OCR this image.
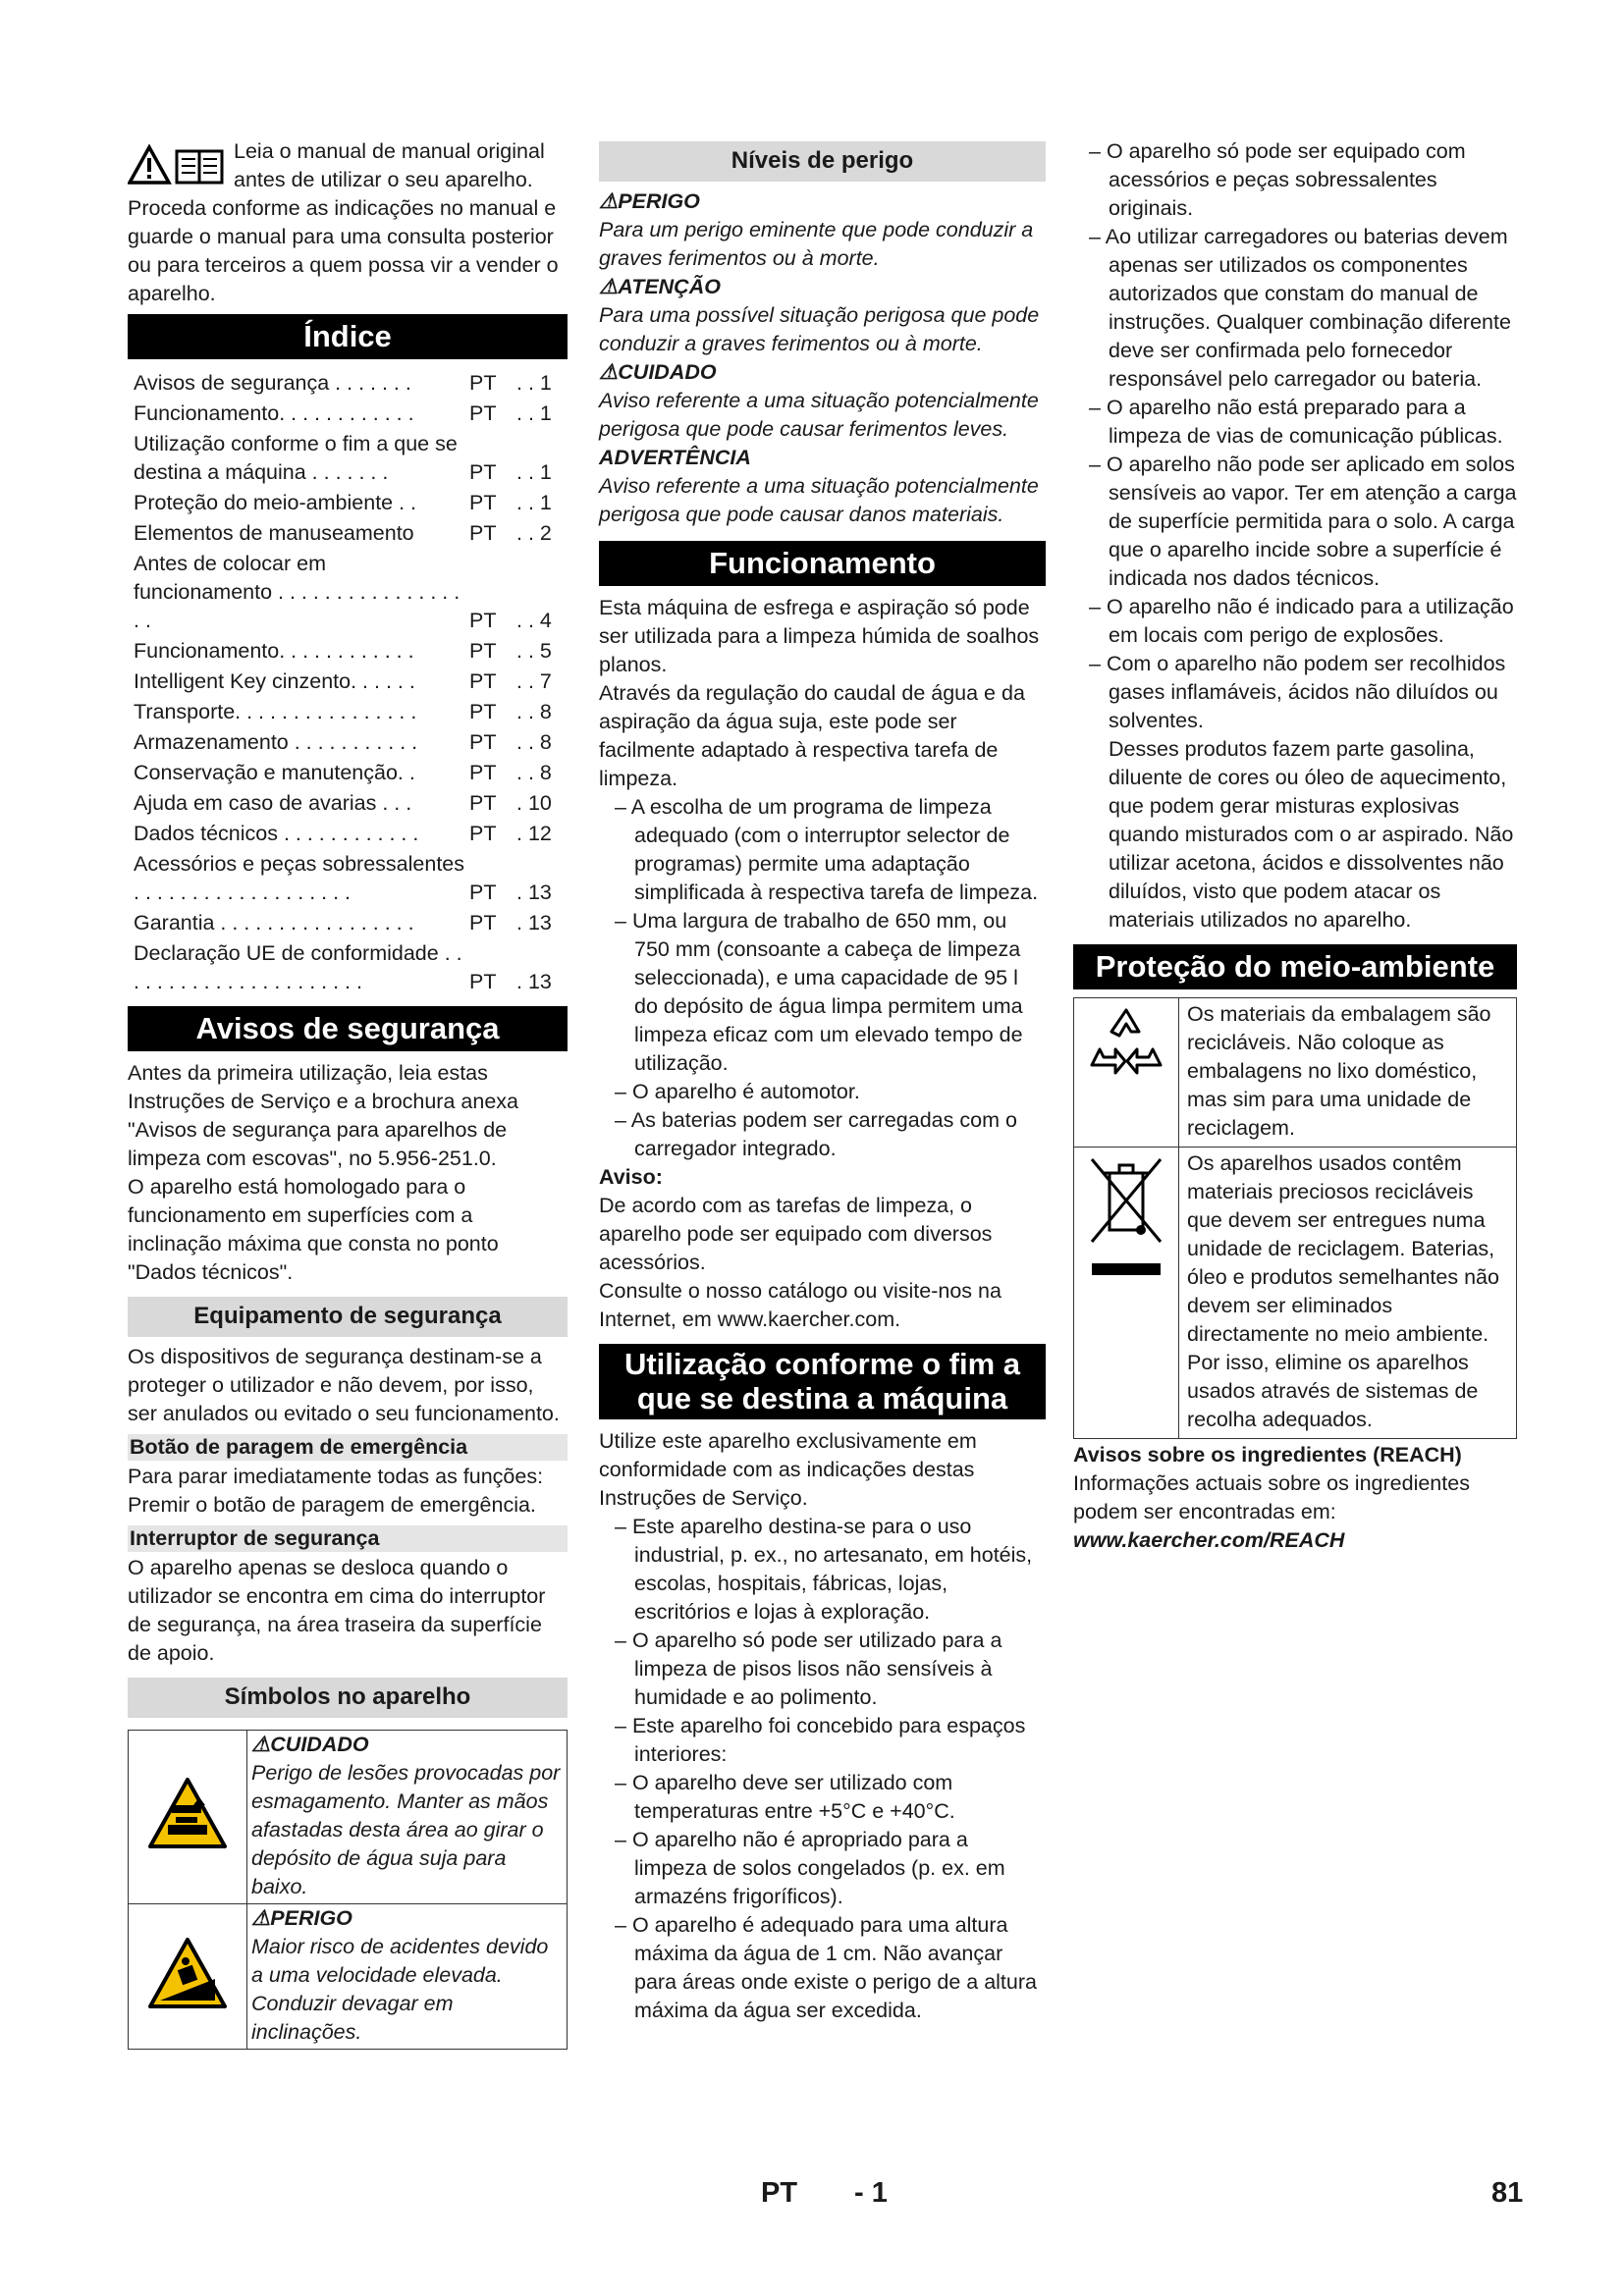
Leia o manual de manual original antes de utilizar o seu aparelho. Proceda conforme as indicações no manual e guarde o manual para uma consulta posterior ou para terceiros a quem possa vir a vender o aparelho.

Índice
Avisos de segurança . . . . . . .	PT . . 1
Funcionamento. . . . . . . . . . . .	PT . . 1
Utilização conforme o fim a que se destina a máquina . . . . . . .	PT . . 1
Proteção do meio-ambiente . .	PT . . 1
Elementos de manuseamento	PT . . 2
Antes de colocar em funcionamento . . . . . . . . . . . . . . . . . .	PT . . 4
Funcionamento. . . . . . . . . . . .	PT . . 5
Intelligent Key cinzento. . . . . .	PT . . 7
Transporte. . . . . . . . . . . . . . . .	PT . . 8
Armazenamento . . . . . . . . . . .	PT . . 8
Conservação e manutenção. .	PT . . 8
Ajuda em caso de avarias . . .	PT . 10
Dados técnicos . . . . . . . . . . . .	PT . 12
Acessórios e peças sobressalentes . . . . . . . . . . . . . . . . . . .	PT . 13
Garantia . . . . . . . . . . . . . . . . .	PT . 13
Declaração UE de conformidade . . . . . . . . . . . . . . . . . . . . . .	PT . 13
Avisos de segurança

Antes da primeira utilização, leia estas Instruções de Serviço e a brochura anexa "Avisos de segurança para aparelhos de limpeza com escovas", no 5.956-251.0.

O aparelho está homologado para o funcionamento em superfícies com a inclinação máxima que consta no ponto "Dados técnicos".

Equipamento de segurança

Os dispositivos de segurança destinam-se a proteger o utilizador e não devem, por isso, ser anulados ou evitado o seu funcionamento.

Botão de paragem de emergência

Para parar imediatamente todas as funções: Premir o botão de paragem de emergência.

Interruptor de segurança

O aparelho apenas se desloca quando o utilizador se encontra em cima do interruptor de segurança, na área traseira da superfície de apoio.

Símbolos no aparelho

⚠CUIDADO
Perigo de lesões provocadas por esmagamento. Manter as mãos afastadas desta área ao girar o depósito de água suja para baixo.

⚠PERIGO
Maior risco de acidentes devido a uma velocidade elevada. Conduzir devagar em inclinações.
Níveis de perigo
⚠PERIGO

Para um perigo eminente que pode conduzir a graves ferimentos ou à morte.

⚠ATENÇÃO

Para uma possível situação perigosa que pode conduzir a graves ferimentos ou à morte.

⚠CUIDADO

Aviso referente a uma situação potencialmente perigosa que pode causar ferimentos leves.

ADVERTÊNCIA

Aviso referente a uma situação potencialmente perigosa que pode causar danos materiais.

Funcionamento

Esta máquina de esfrega e aspiração só pode ser utilizada para a limpeza húmida de soalhos planos.

Através da regulação do caudal de água e da aspiração da água suja, este pode ser facilmente adaptado à respectiva tarefa de limpeza.

– A escolha de um programa de limpeza adequado (com o interruptor selector de programas) permite uma adaptação simplificada à respectiva tarefa de limpeza.

– Uma largura de trabalho de 650 mm, ou 750 mm (consoante a cabeça de limpeza seleccionada), e uma capacidade de 95 l do depósito de água limpa permitem uma limpeza eficaz com um elevado tempo de utilização.

– O aparelho é automotor.

– As baterias podem ser carregadas com o carregador integrado.

Aviso:

De acordo com as tarefas de limpeza, o aparelho pode ser equipado com diversos acessórios.

Consulte o nosso catálogo ou visite-nos na Internet, em www.kaercher.com.

Utilização conforme o fim a
que se destina a máquina

Utilize este aparelho exclusivamente em conformidade com as indicações destas Instruções de Serviço.

– Este aparelho destina-se para o uso industrial, p. ex., no artesanato, em hotéis, escolas, hospitais, fábricas, lojas, escritórios e lojas à exploração.

– O aparelho só pode ser utilizado para a limpeza de pisos lisos não sensíveis à humidade e ao polimento.

– Este aparelho foi concebido para espaços interiores:

– O aparelho deve ser utilizado com temperaturas entre +5°C e +40°C.

– O aparelho não é apropriado para a limpeza de solos congelados (p. ex. em armazéns frigoríficos).

– O aparelho é adequado para uma altura máxima da água de 1 cm. Não avançar para áreas onde existe o perigo de a altura máxima da água ser excedida.

– O aparelho só pode ser equipado com acessórios e peças sobressalentes originais.

– Ao utilizar carregadores ou baterias devem apenas ser utilizados os componentes autorizados que constam do manual de instruções. Qualquer combinação diferente deve ser confirmada pelo fornecedor responsável pelo carregador ou bateria.

– O aparelho não está preparado para a limpeza de vias de comunicação públicas.

– O aparelho não pode ser aplicado em solos sensíveis ao vapor. Ter em atenção a carga de superfície permitida para o solo. A carga que o aparelho incide sobre a superfície é indicada nos dados técnicos.

– O aparelho não é indicado para a utilização em locais com perigo de explosões.

– Com o aparelho não podem ser recolhidos gases inflamáveis, ácidos não diluídos ou solventes.

Desses produtos fazem parte gasolina, diluente de cores ou óleo de aquecimento, que podem gerar misturas explosivas quando misturados com o ar aspirado. Não utilizar acetona, ácidos e dissolventes não diluídos, visto que podem atacar os materiais utilizados no aparelho.

Proteção do meio-ambiente
	Os materiais da embalagem são recicláveis. Não coloque as embalagens no lixo doméstico, mas sim para uma unidade de reciclagem.
	Os aparelhos usados contêm materiais preciosos recicláveis que devem ser entregues numa unidade de reciclagem. Baterias, óleo e produtos semelhantes não devem ser eliminados directamente no meio ambiente. Por isso, elimine os aparelhos usados através de sistemas de recolha adequados.

Avisos sobre os ingredientes (REACH)

Informações actuais sobre os ingredientes podem ser encontradas em:

www.kaercher.com/REACH

PT - 1	81
